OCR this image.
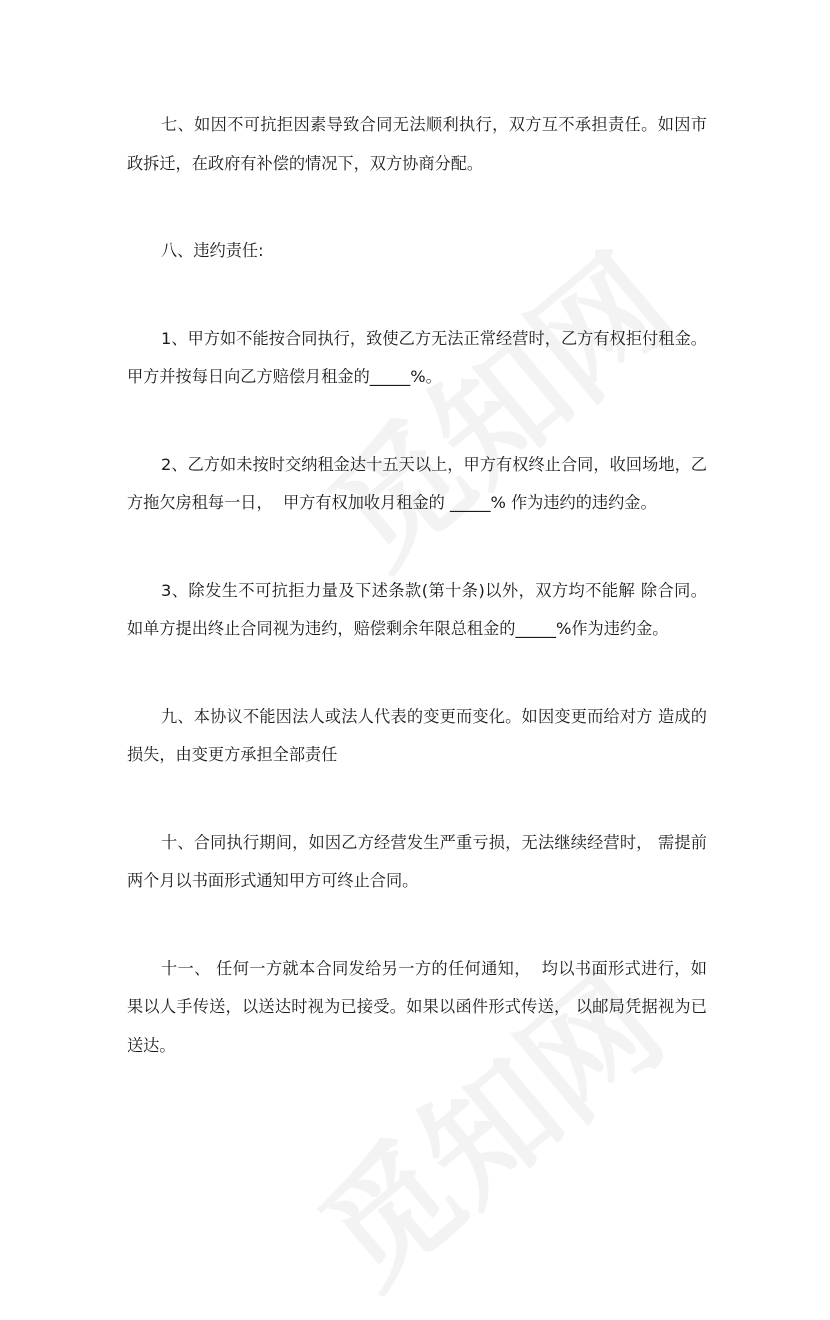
七、如因不可抗拒因素导致合同无法顺利执行，双方互不承担责任。如因市政拆迁，在政府有补偿的情况下，双方协商分配。

八、违约责任:

1、甲方如不能按合同执行，致使乙方无法正常经营时，乙方有权拒付租金。甲方并按每日向乙方赔偿月租金的_____%。

2、乙方如未按时交纳租金达十五天以上，甲方有权终止合同，收回场地，乙方拖欠房租每一日，  甲方有权加收月租金的 _____% 作为违约的违约金。

3、除发生不可抗拒力量及下述条款(第十条)以外，双方均不能解 除合同。如单方提出终止合同视为违约，赔偿剩余年限总租金的_____%作为违约金。

九、本协议不能因法人或法人代表的变更而变化。如因变更而给对方 造成的损失，由变更方承担全部责任

十、合同执行期间，如因乙方经营发生严重亏损，无法继续经营时， 需提前两个月以书面形式通知甲方可终止合同。

十一、 任何一方就本合同发给另一方的任何通知，  均以书面形式进行，如果以人手传送，以送达时视为已接受。如果以函件形式传送， 以邮局凭据视为已送达。
